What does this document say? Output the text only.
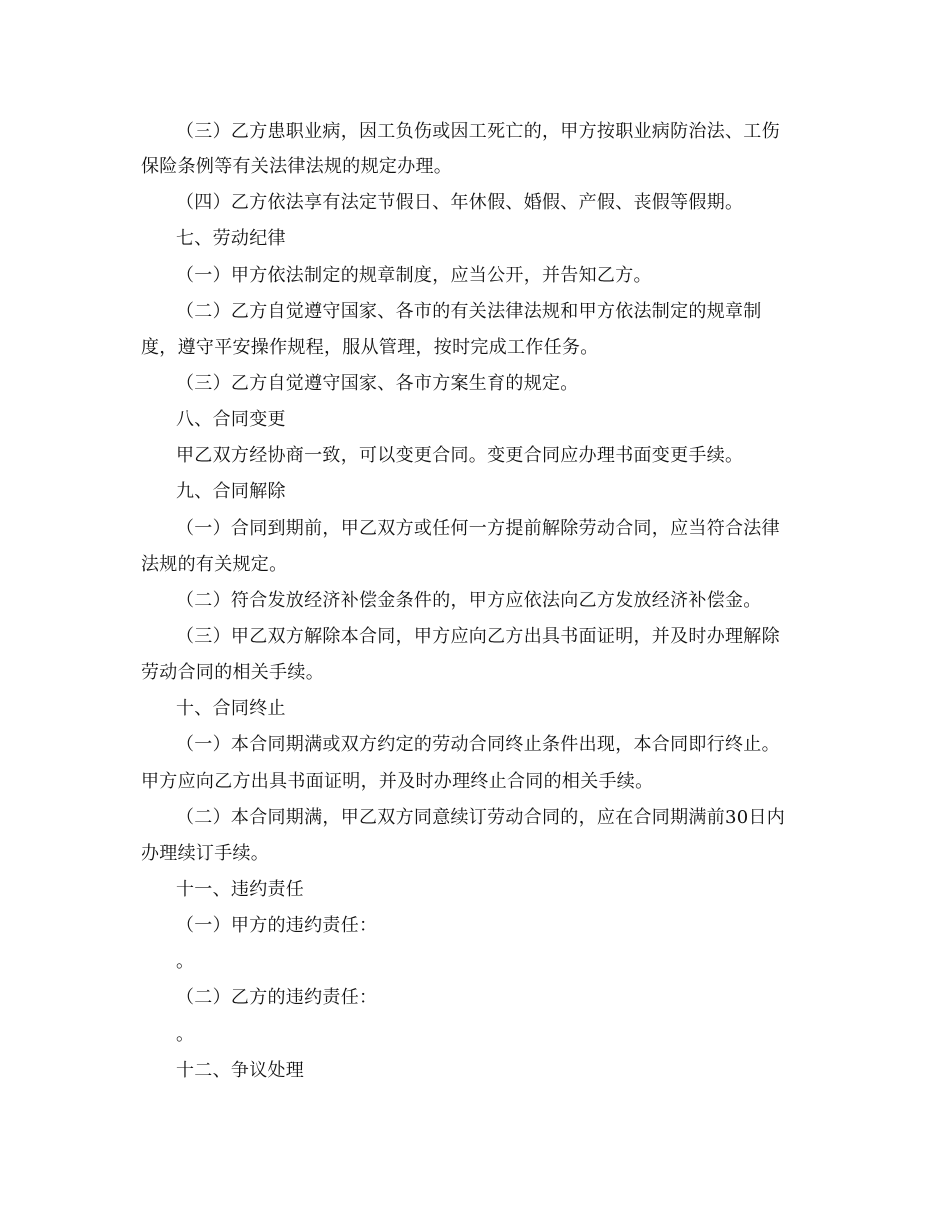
（三）乙方患职业病，因工负伤或因工死亡的，甲方按职业病防治法、工伤
保险条例等有关法律法规的规定办理。
（四）乙方依法享有法定节假日、年休假、婚假、产假、丧假等假期。
七、劳动纪律
（一）甲方依法制定的规章制度，应当公开，并告知乙方。
（二）乙方自觉遵守国家、各市的有关法律法规和甲方依法制定的规章制
度，遵守平安操作规程，服从管理，按时完成工作任务。
（三）乙方自觉遵守国家、各市方案生育的规定。
八、合同变更
甲乙双方经协商一致，可以变更合同。变更合同应办理书面变更手续。
九、合同解除
（一）合同到期前，甲乙双方或任何一方提前解除劳动合同，应当符合法律
法规的有关规定。
（二）符合发放经济补偿金条件的，甲方应依法向乙方发放经济补偿金。
（三）甲乙双方解除本合同，甲方应向乙方出具书面证明，并及时办理解除
劳动合同的相关手续。
十、合同终止
（一）本合同期满或双方约定的劳动合同终止条件出现，本合同即行终止。
甲方应向乙方出具书面证明，并及时办理终止合同的相关手续。
（二）本合同期满，甲乙双方同意续订劳动合同的，应在合同期满前30日内
办理续订手续。
十一、违约责任
（一）甲方的违约责任：
。
（二）乙方的违约责任：
。
十二、争议处理
